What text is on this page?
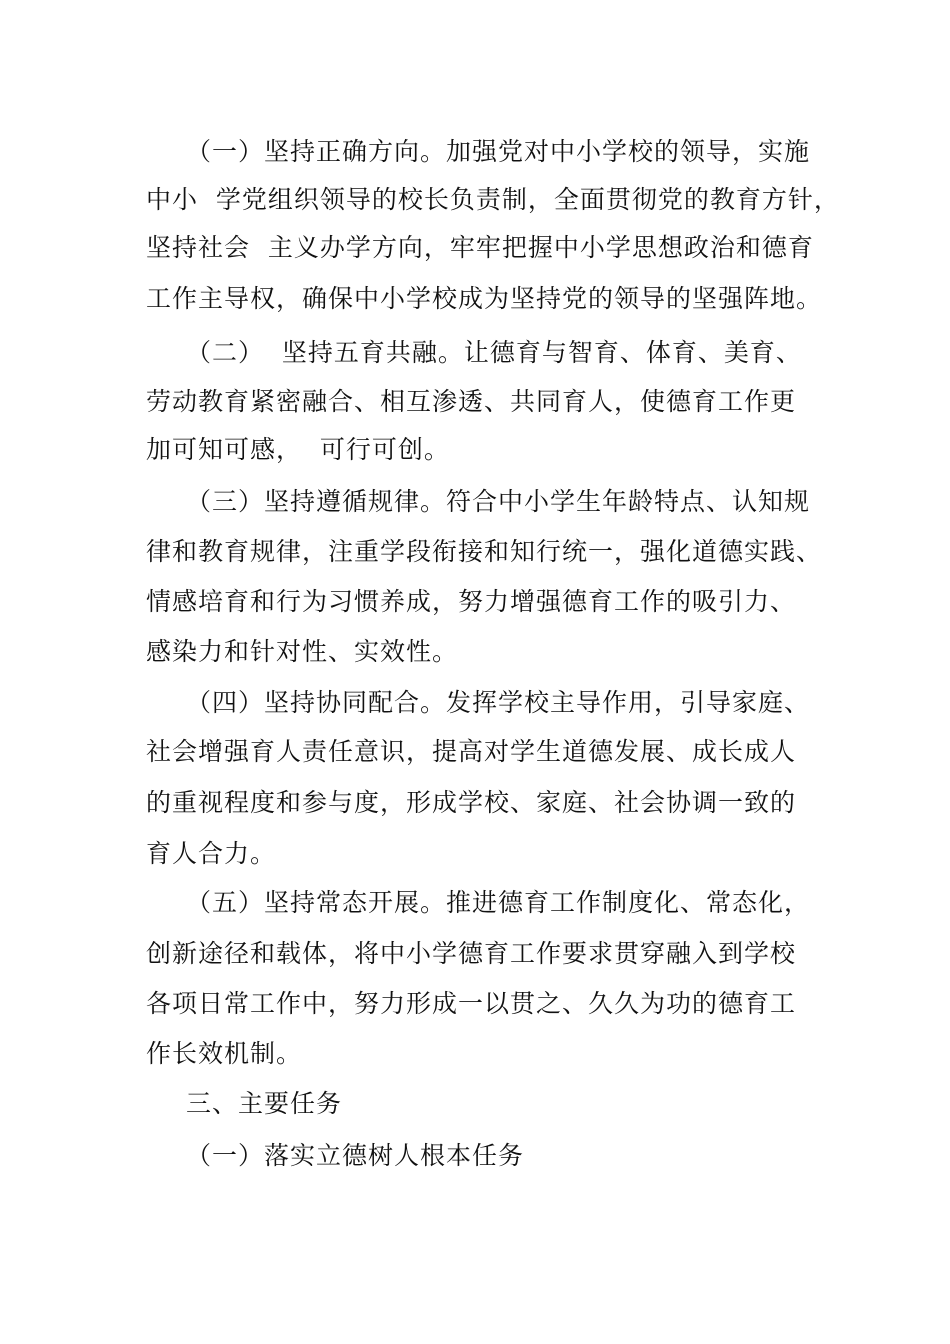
（一）坚持正确方向。加强党对中小学校的领导，实施
中小  学党组织领导的校长负责制，全面贯彻党的教育方针，
坚持社会  主义办学方向，牢牢把握中小学思想政治和德育
工作主导权，确保中小学校成为坚持党的领导的坚强阵地。
（二）  坚持五育共融。让德育与智育、体育、美育、
劳动教育紧密融合、相互渗透、共同育人，使德育工作更
加可知可感，  可行可创。
（三）坚持遵循规律。符合中小学生年龄特点、认知规
律和教育规律，注重学段衔接和知行统一，强化道德实践、
情感培育和行为习惯养成，努力增强德育工作的吸引力、
感染力和针对性、实效性。
（四）坚持协同配合。发挥学校主导作用，引导家庭、
社会增强育人责任意识，提高对学生道德发展、成长成人
的重视程度和参与度，形成学校、家庭、社会协调一致的
育人合力。
（五）坚持常态开展。推进德育工作制度化、常态化，
创新途径和载体，将中小学德育工作要求贯穿融入到学校
各项日常工作中，努力形成一以贯之、久久为功的德育工
作长效机制。
三、主要任务
（一）落实立德树人根本任务
